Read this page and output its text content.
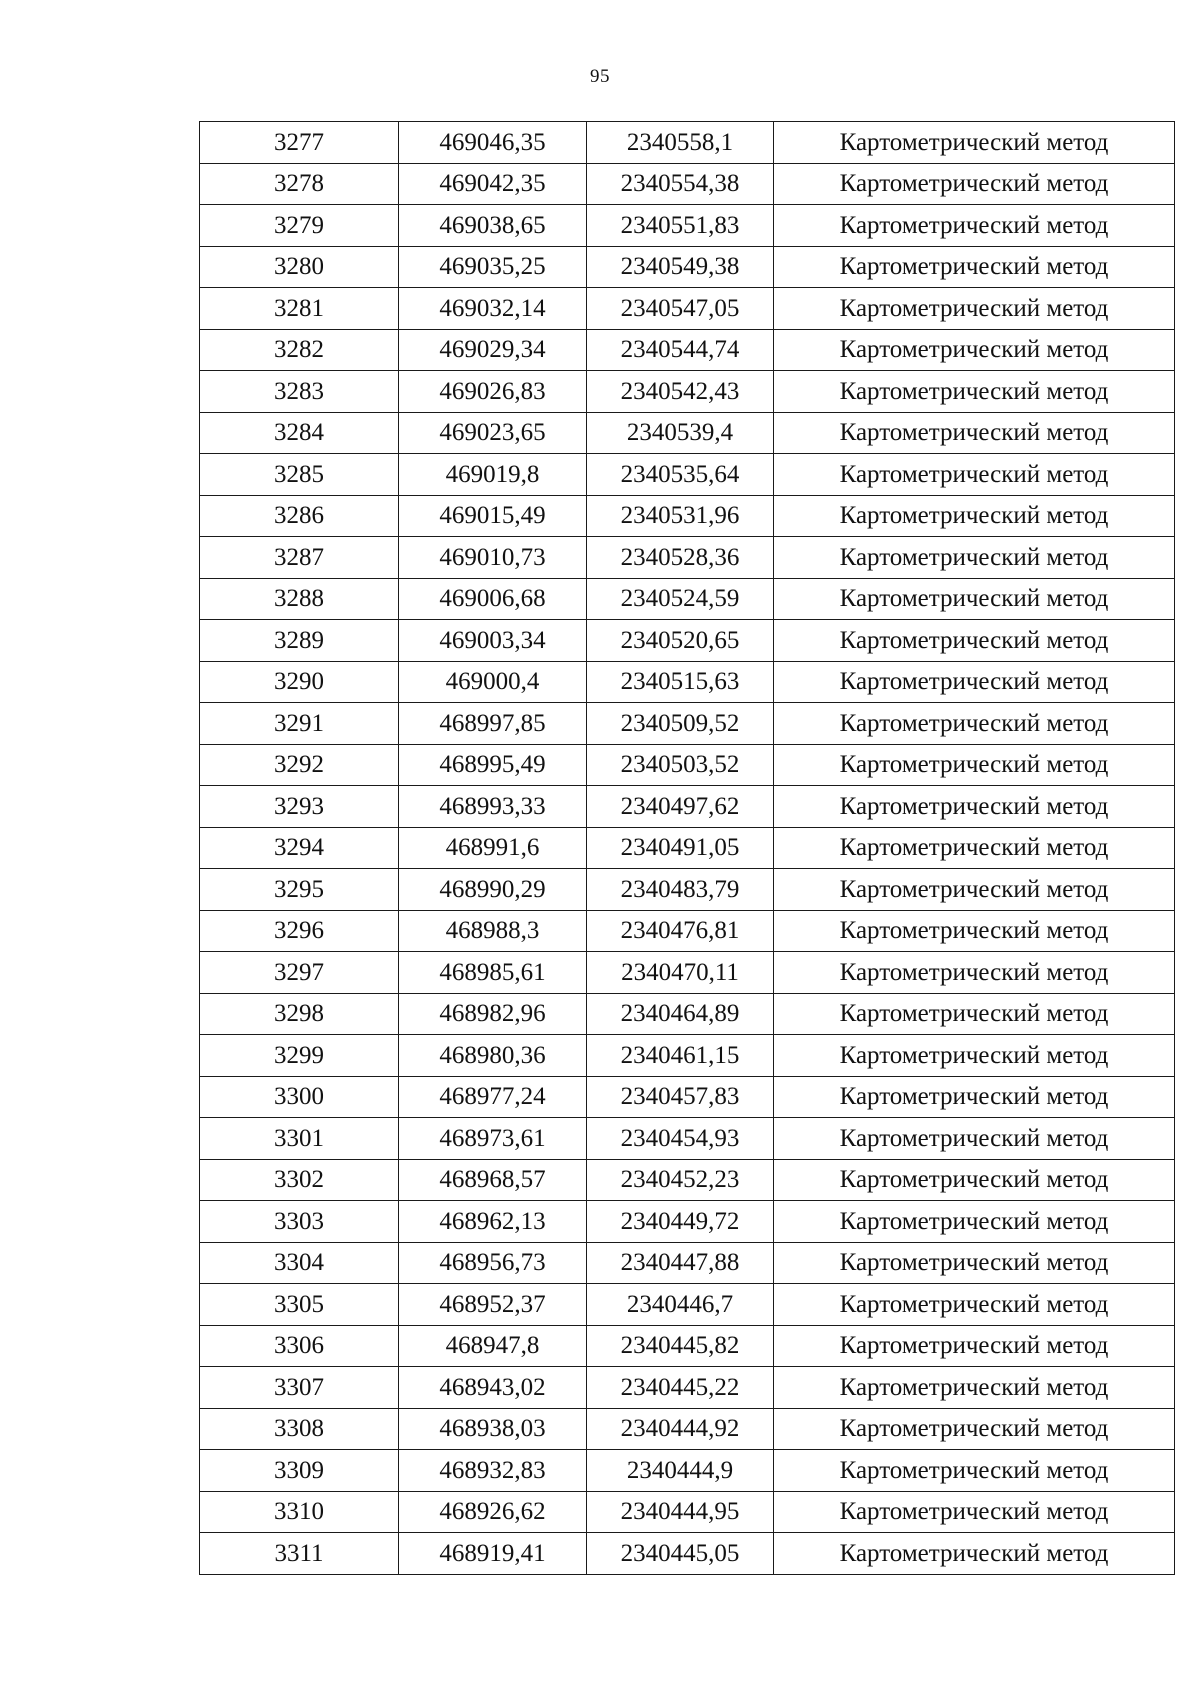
95
3277	469046,35	2340558,1	Картометрический метод
3278	469042,35	2340554,38	Картометрический метод
3279	469038,65	2340551,83	Картометрический метод
3280	469035,25	2340549,38	Картометрический метод
3281	469032,14	2340547,05	Картометрический метод
3282	469029,34	2340544,74	Картометрический метод
3283	469026,83	2340542,43	Картометрический метод
3284	469023,65	2340539,4	Картометрический метод
3285	469019,8	2340535,64	Картометрический метод
3286	469015,49	2340531,96	Картометрический метод
3287	469010,73	2340528,36	Картометрический метод
3288	469006,68	2340524,59	Картометрический метод
3289	469003,34	2340520,65	Картометрический метод
3290	469000,4	2340515,63	Картометрический метод
3291	468997,85	2340509,52	Картометрический метод
3292	468995,49	2340503,52	Картометрический метод
3293	468993,33	2340497,62	Картометрический метод
3294	468991,6	2340491,05	Картометрический метод
3295	468990,29	2340483,79	Картометрический метод
3296	468988,3	2340476,81	Картометрический метод
3297	468985,61	2340470,11	Картометрический метод
3298	468982,96	2340464,89	Картометрический метод
3299	468980,36	2340461,15	Картометрический метод
3300	468977,24	2340457,83	Картометрический метод
3301	468973,61	2340454,93	Картометрический метод
3302	468968,57	2340452,23	Картометрический метод
3303	468962,13	2340449,72	Картометрический метод
3304	468956,73	2340447,88	Картометрический метод
3305	468952,37	2340446,7	Картометрический метод
3306	468947,8	2340445,82	Картометрический метод
3307	468943,02	2340445,22	Картометрический метод
3308	468938,03	2340444,92	Картометрический метод
3309	468932,83	2340444,9	Картометрический метод
3310	468926,62	2340444,95	Картометрический метод
3311	468919,41	2340445,05	Картометрический метод
